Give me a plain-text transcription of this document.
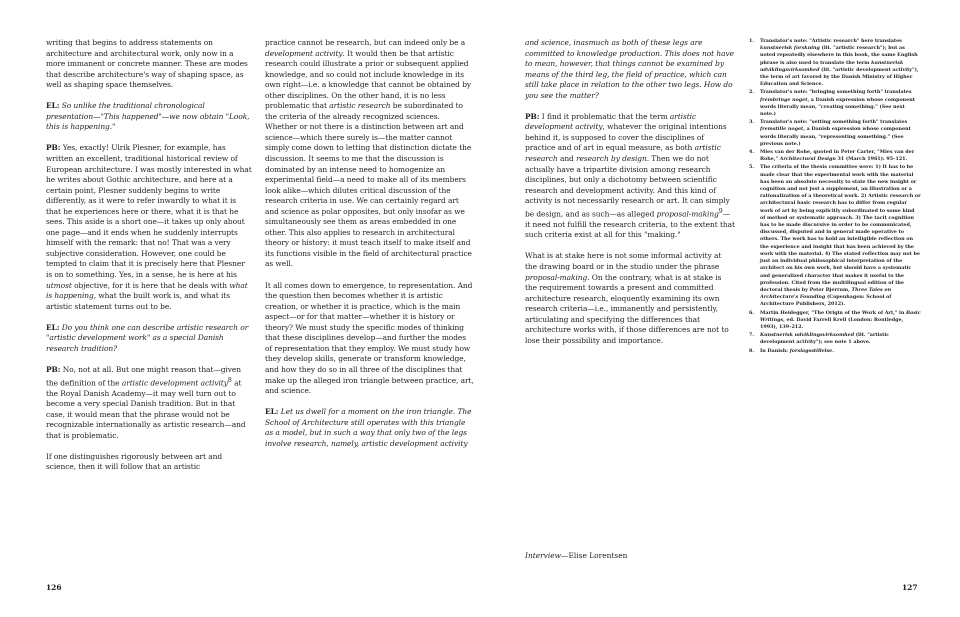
writing that begins to address statements on architecture and architectural work, only now in a more immanent or concrete manner. These are modes that describe architecture's way of shaping space, as well as shaping space themselves.

EL: So unlike the traditional chronological presentation—"This happened"—we now obtain "Look, this is happening."

PB: Yes, exactly! Ulrik Plesner, for example, has written an excellent, traditional historical review of European architecture. I was mostly interested in what he writes about Gothic architecture, and here at a certain point, Plesner suddenly begins to write differently, as it were to refer inwardly to what it is that he experiences here or there, what it is that he sees. This aside is a short one—it takes up only about one page—and it ends when he suddenly interrupts himself with the remark: that no! That was a very subjective consideration. However, one could be tempted to claim that it is precisely here that Plesner is on to something. Yes, in a sense, he is here at his utmost objective, for it is here that he deals with what is happening, what the built work is, and what its artistic statement turns out to be.

EL: Do you think one can describe artistic research or "artistic development work" as a special Danish research tradition?

PB: No, not at all. But one might reason that—given the definition of the artistic development activity$^8$ at the Royal Danish Academy—it may well turn out to become a very special Danish tradition. But in that case, it would mean that the phrase would not be recognizable internationally as artistic research—and that is problematic.

If one distinguishes rigorously between art and science, then it will follow that an artistic

practice cannot be research, but can indeed only be a development activity. It would then be that artistic research could illustrate a prior or subsequent applied knowledge, and so could not include knowledge in its own right—i.e. a knowledge that cannot be obtained by other disciplines. On the other hand, it is no less problematic that artistic research be subordinated to the criteria of the already recognized sciences. Whether or not there is a distinction between art and science—which there surely is—the matter cannot simply come down to letting that distinction dictate the discussion. It seems to me that the discussion is dominated by an intense need to homogenize an experimental field—a need to make all of its members look alike—which dilutes critical discussion of the research criteria in use. We can certainly regard art and science as polar opposites, but only insofar as we simultaneously see them as areas embedded in one other. This also applies to research in architectural theory or history: it must teach itself to make itself and its functions visible in the field of architectural practice as well.

It all comes down to emergence, to representation. And the question then becomes whether it is artistic creation, or whether it is practice, which is the main aspect—or for that matter—whether it is history or theory? We must study the specific modes of thinking that these disciplines develop—and further the modes of representation that they employ. We must study how they develop skills, generate or transform knowledge, and how they do so in all three of the disciplines that make up the alleged iron triangle between practice, art, and science.

EL: Let us dwell for a moment on the iron triangle. The School of Architecture still operates with this triangle as a model, but in such a way that only two of the legs involve research, namely, artistic development activity

and science, inasmuch as both of these legs are committed to knowledge production. This does not have to mean, however, that things cannot be examined by means of the third leg, the field of practice, which can still take place in relation to the other two legs. How do you see the matter?

PB: I find it problematic that the term artistic development activity, whatever the original intentions behind it, is supposed to cover the disciplines of practice and of art in equal measure, as both artistic research and research by design. Then we do not actually have a tripartite division among research disciplines, but only a dichotomy between scientific research and development activity. And this kind of activity is not necessarily research or art. It can simply be design, and as such—as alleged proposal-making$^9$—it need not fulfill the research criteria, to the extent that such criteria exist at all for this "making."

What is at stake here is not some informal activity at the drawing board or in the studio under the phrase proposal-making. On the contrary, what is at stake is the requirement towards a present and committed architecture research, eloquently examining its own research criteria—i.e., immanently and persistently, articulating and specifying the differences that architecture works with, if those differences are not to lose their possibility and importance.

1. Translator's note: "Artistic research" here translates kunstnerisk forskning (lit. "artistic research"); but as noted repeatedly elsewhere in this book, the same English phrase is also used to translate the term kunstnerisk udviklingsvirksomhed (lit. "artistic development activity"), the term of art favored by the Danish Ministry of Higher Education and Science.
2. Translator's note: "bringing something forth" translates frembringe noget, a Danish expression whose component words literally mean, "creating something." (See next note.)
3. Translator's note: "setting something forth" translates fremstille noget, a Danish expression whose component words literally mean, "representing something." (See previous note.)
4. Mies van der Rohe, quoted in Peter Carter, "Mies van der Rohe," Architectural Design 31 (March 1961): 95–121.
5. The criteria of the thesis committee were: 1) It has to be made clear that the experimental work with the material has been an absolute necessity to state the new insight or cognition and not just a supplement, an illustration or a rationalization of a theoretical work. 2) Artistic research or architectural basic research has to differ from regular work of art by being explicitly subordinated to some kind of method or systematic approach. 3) The tacit cognition has to be made discursive in order to be communicated, discussed, disputed and in general made operative to others. The work has to hold an intelligible reflection on the experience and insight that has been achieved by the work with the material. 4) The stated reflection may not be just an individual philosophical interpretation of the architect on his own work, but should have a systematic and generalized character that makes it useful to the profession. Cited from the multilingual edition of the doctoral thesis by Peter Bjerrum, Three Tales on Architecture's Founding (Copenhagen: School of Architecture Publishers, 2012).
6. Martin Heidegger, "The Origin of the Work of Art," in Basic Writings, ed. David Farrell Krell (London: Routledge, 1993), 139–212.
7. Kunstnerisk udviklingsvirksomhed (lit. "artistic development activity"); see note 1 above.
8. In Danish: forslagsstillelse.
Interview—Elise Lorentsen
126	127
